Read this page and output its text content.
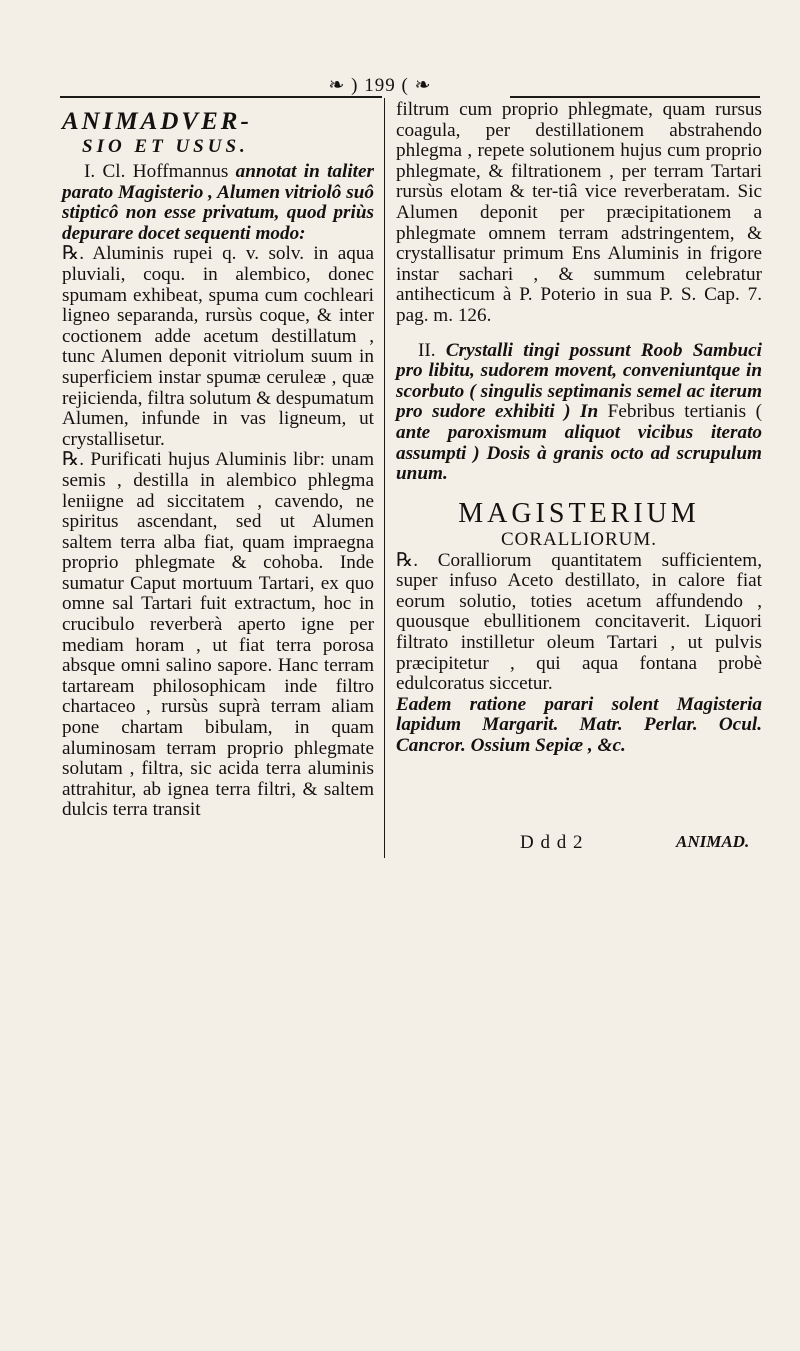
❧ ) 199 ( ❧

ANIMADVER-

SIO ET USUS.

I. Cl. Hoffmannus annotat in taliter parato Magisterio , Alumen vitriolô suô stipticô non esse privatum, quod priùs depurare docet sequenti modo:

℞. Aluminis rupei q. v. solv. in aqua pluviali, coqu. in alembico, donec spumam exhibeat, spuma cum cochleari ligneo separanda, rursùs coque, & inter coctionem adde acetum destillatum , tunc Alumen deponit vitriolum suum in superficiem instar spumæ ceruleæ , quæ rejicienda, filtra solutum & despumatum Alumen, infunde in vas ligneum, ut crystallisetur.

℞. Purificati hujus Aluminis libr: unam semis , destilla in alembico phlegma leniigne ad siccitatem , cavendo, ne spiritus ascendant, sed ut Alumen saltem terra alba fiat, quam impraegna proprio phlegmate & cohoba. Inde sumatur Caput mortuum Tartari, ex quo omne sal Tartari fuit extractum, hoc in crucibulo reverberà aperto igne per mediam horam , ut fiat terra porosa absque omni salino sapore. Hanc terram tartaream philosophicam inde filtro chartaceo , rursùs suprà terram aliam pone chartam bibulam, in quam aluminosam terram proprio phlegmate solutam , filtra, sic acida terra aluminis attrahitur, ab ignea terra filtri, & saltem dulcis terra transit

filtrum cum proprio phlegmate, quam rursus coagula, per destillationem abstrahendo phlegma , repete solutionem hujus cum proprio phlegmate, & filtrationem , per terram Tartari rursùs elotam & ter-tiâ vice reverberatam. Sic Alumen deponit per præcipitationem a phlegmate omnem terram adstringentem, & crystallisatur primum Ens Aluminis in frigore instar sachari , & summum celebratur antihecticum à P. Poterio in sua P. S. Cap. 7. pag. m. 126.

II. Crystalli tingi possunt Roob Sambuci pro libitu, sudorem movent, conveniuntque in scorbuto ( singulis septimanis semel ac iterum pro sudore exhibiti ) In Febribus tertianis ( ante paroxismum aliquot vicibus iterato assumpti ) Dosis à granis octo ad scrupulum unum.

MAGISTERIUM

CORALLIORUM.

℞. Coralliorum quantitatem sufficientem, super infuso Aceto destillato, in calore fiat eorum solutio, toties acetum affundendo , quousque ebullitionem concitaverit. Liquori filtrato instilletur oleum Tartari , ut pulvis præcipitetur , qui aqua fontana probè edulcoratus siccetur.

Eadem ratione parari solent Magisteria lapidum Margarit. Matr. Perlar. Ocul. Cancror. Ossium Sepiæ , &c.

D d d 2	ANIMAD.
